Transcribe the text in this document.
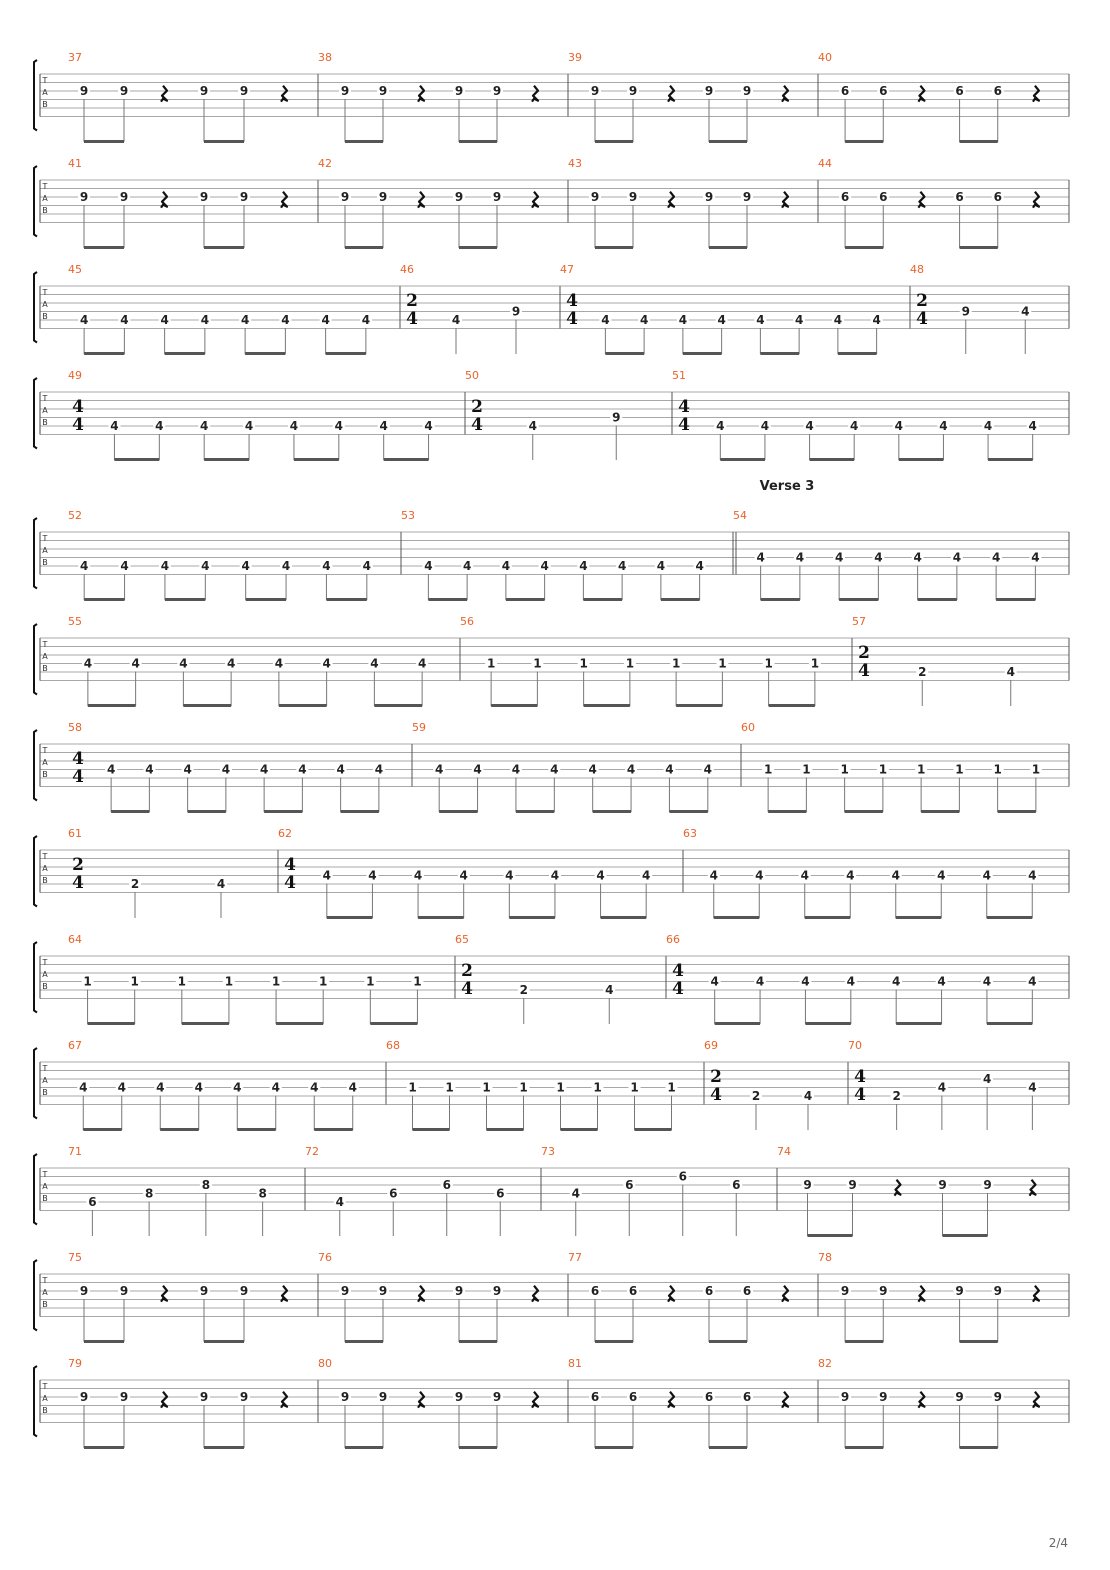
T
A
B
37
9	9	9	9
38
9 9	9 9
39
9 9	9 9
40
6 6	6 6
T
A
B
41
9	9	9	9
42
9 9	9 9
43
9 9	9 9
44
6 6	6 6
T
A
B
45
4	4	4	4	4	4	4	4
46
2
4	4
9
47
4
4 4	4	4	4	4	4	4	4
48
2
4	9	4
T
A
B
49
4
4 4	4	4	4	4	4	4	4
50
2
4	4
9
51
4
4 4	4	4	4	4	4	4	4
T
A
B
52
4	4	4	4	4	4	4	4
53
4	4	4	4	4	4	4	4
54
4	4	4	4	4	4	4	4
Verse 3
T
A
B
55
4	4	4	4	4	4	4	4
56
1	1	1	1	1	1	1	1
57
2
4	2	4
T
A
B
58
4
4 4 4 4 4 4 4 4 4
59
4	4	4	4	4	4	4	4
60
1 1 1 1 1 1 1 1
T
A
B
61
2
4	2	4
62
4
4 4	4	4	4	4	4	4	4
63
4	4	4	4	4	4	4	4
T
A
B
64
1	1	1	1	1	1	1	1
65
2
4	2	4
66
4
4 4	4	4	4	4	4	4	4
T
A
B
67
4	4	4	4	4	4	4	4
68
1 1 1 1 1 1 1 1
69
2
4 2	4
70
4
4 2
4
4
4
T
A
B
71
6
8
8
8
72
4
6
6
6
73
4
6
6
6
74
9	9	9	9
T
A
B
75
9	9	9	9
76
9 9	9 9
77
6 6	6 6
78
9 9	9 9
T
A
B
79
9	9	9	9
80
9 9	9 9
81
6 6	6 6
82
9 9	9 9
2/4
